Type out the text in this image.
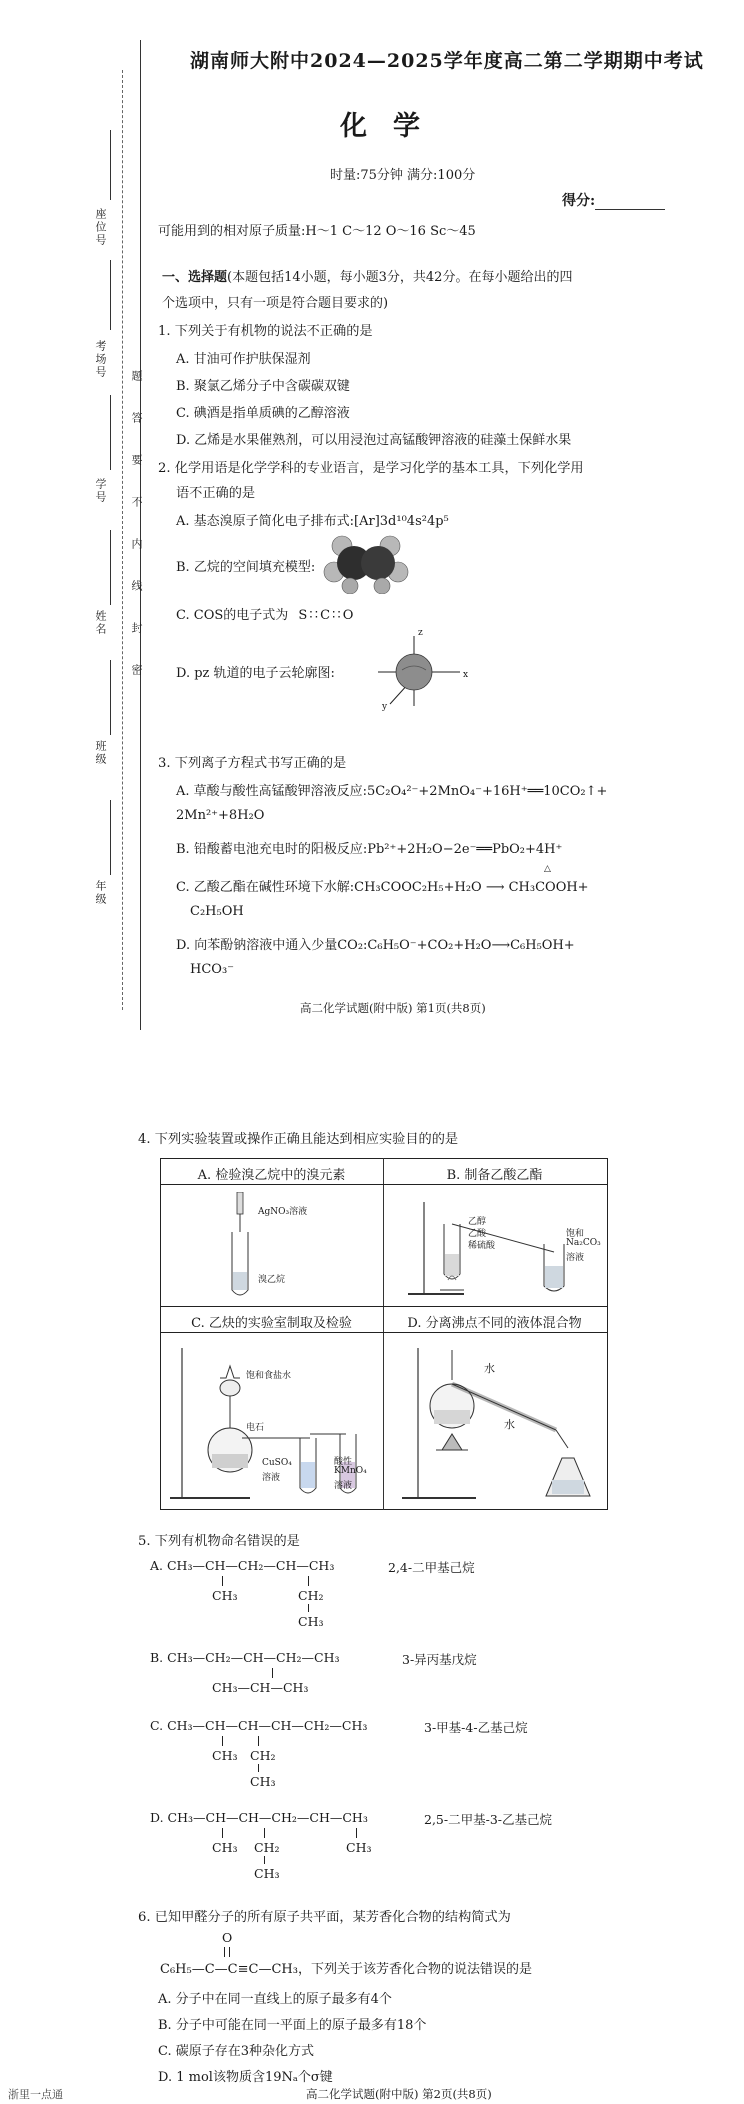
座位号
考场号
学号
姓名
班级
年级
题
答
要
不
内
线
封
密
湖南师大附中2024—2025学年度高二第二学期期中考试
化学
时量:75分钟 满分:100分
得分:
可能用到的相对原子质量:H～1 C～12 O～16 Sc～45
一、选择题(本题包括14小题，每小题3分，共42分。在每小题给出的四
个选项中，只有一项是符合题目要求的)
1. 下列关于有机物的说法不正确的是
A. 甘油可作护肤保湿剂
B. 聚氯乙烯分子中含碳碳双键
C. 碘酒是指单质碘的乙醇溶液
D. 乙烯是水果催熟剂，可以用浸泡过高锰酸钾溶液的硅藻土保鲜水果
2. 化学用语是化学学科的专业语言，是学习化学的基本工具，下列化学用
语不正确的是
A. 基态溴原子简化电子排布式:[Ar]3d¹⁰4s²4p⁵
B. 乙烷的空间填充模型:
C. COS的电子式为 S∶∶C∶∶O
D. pz 轨道的电子云轮廓图:
z
x
y
3. 下列离子方程式书写正确的是
A. 草酸与酸性高锰酸钾溶液反应:5C₂O₄²⁻+2MnO₄⁻+16H⁺══10CO₂↑+
2Mn²⁺+8H₂O
B. 铅酸蓄电池充电时的阳极反应:Pb²⁺+2H₂O−2e⁻══PbO₂+4H⁺
△
C. 乙酸乙酯在碱性环境下水解:CH₃COOC₂H₅+H₂O ⟶ CH₃COOH+
C₂H₅OH
D. 向苯酚钠溶液中通入少量CO₂:C₆H₅O⁻+CO₂+H₂O⟶C₆H₅OH+
HCO₃⁻
高二化学试题(附中版) 第1页(共8页)
4. 下列实验装置或操作正确且能达到相应实验目的的是
A. 检验溴乙烷中的溴元素	B. 制备乙酸乙酯
C. 乙炔的实验室制取及检验	D. 分离沸点不同的液体混合物
AgNO₃溶液
溴乙烷
乙醇
乙酸
稀硫酸
饱和
Na₂CO₃
溶液
饱和食盐水
电石
CuSO₄
溶液
酸性
KMnO₄
溶液
水
水
5. 下列有机物命名错误的是
A. CH₃—CH—CH₂—CH—CH₃	2,4-二甲基己烷
CH₃	CH₂
CH₃
B. CH₃—CH₂—CH—CH₂—CH₃	3-异丙基戊烷
CH₃—CH—CH₃
C. CH₃—CH—CH—CH—CH₂—CH₃	3-甲基-4-乙基己烷
CH₃ CH₂
CH₃
D. CH₃—CH—CH—CH₂—CH—CH₃	2,5-二甲基-3-乙基己烷
CH₃ CH₂
CH₃
CH₃
6. 已知甲醛分子的所有原子共平面，某芳香化合物的结构简式为
O
C₆H₅—C—C≡C—CH₃，下列关于该芳香化合物的说法错误的是
A. 分子中在同一直线上的原子最多有4个
B. 分子中可能在同一平面上的原子最多有18个
C. 碳原子存在3种杂化方式
D. 1 mol该物质含19Nₐ个σ键
高二化学试题(附中版) 第2页(共8页)
浙里一点通
